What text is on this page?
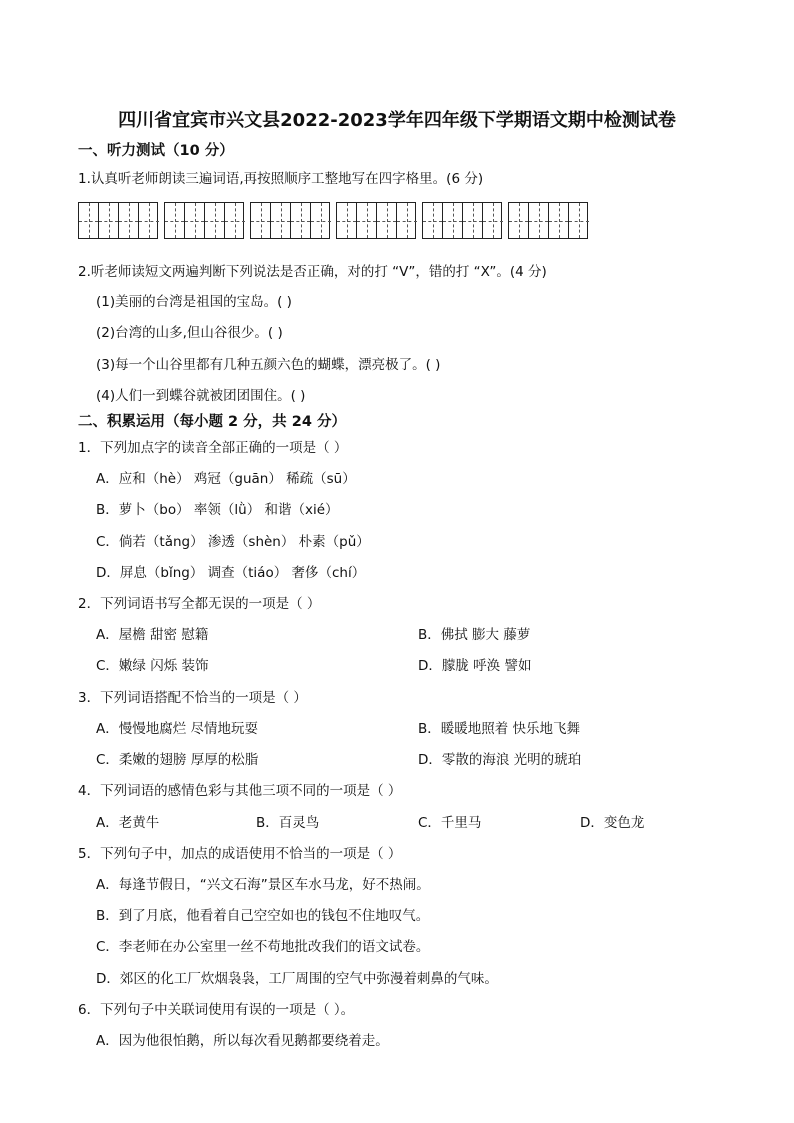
四川省宜宾市兴文县2022-2023学年四年级下学期语文期中检测试卷
一、听力测试（10 分）
1.认真听老师朗读三遍词语,再按照顺序工整地写在四字格里。(6 分)
2.听老师读短文两遍判断下列说法是否正确，对的打 “V”，错的打 “X”。(4 分)
(1)美丽的台湾是祖国的宝岛。( )
(2)台湾的山多,但山谷很少。( )
(3)每一个山谷里都有几种五颜六色的蝴蝶，漂亮极了。( )
(4)人们一到蝶谷就被团团围住。( )
二、积累运用（每小题 2 分，共 24 分）
1．下列加点字的读音全部正确的一项是（ ）
A．应和（hè） 鸡冠（guān） 稀疏（sū）
B．萝卜（bo） 率领（lǜ） 和谐（xié）
C．倘若（tǎng） 渗透（shèn） 朴素（pǔ）
D．屏息（bǐng） 调查（tiáo） 奢侈（chí）
2．下列词语书写全都无误的一项是（ ）
A．屋檐 甜密 慰籍	B．佛拭 膨大 藤萝
C．嫩绿 闪烁 装饰	D．朦胧 呼涣 譬如
3．下列词语搭配不恰当的一项是（ ）
A．慢慢地腐烂 尽情地玩耍	B．暖暖地照着 快乐地飞舞
C．柔嫩的翅膀 厚厚的松脂	D．零散的海浪 光明的琥珀
4．下列词语的感情色彩与其他三项不同的一项是（ ）
A．老黄牛	B．百灵鸟	C．千里马	D．变色龙
5．下列句子中，加点的成语使用不恰当的一项是（ ）
A．每逢节假日，“兴文石海”景区车水马龙，好不热闹。
B．到了月底，他看着自己空空如也的钱包不住地叹气。
C．李老师在办公室里一丝不苟地批改我们的语文试卷。
D．郊区的化工厂炊烟袅袅，工厂周围的空气中弥漫着刺鼻的气味。
6．下列句子中关联词使用有误的一项是（ ）。
A．因为他很怕鹅，所以每次看见鹅都要绕着走。
